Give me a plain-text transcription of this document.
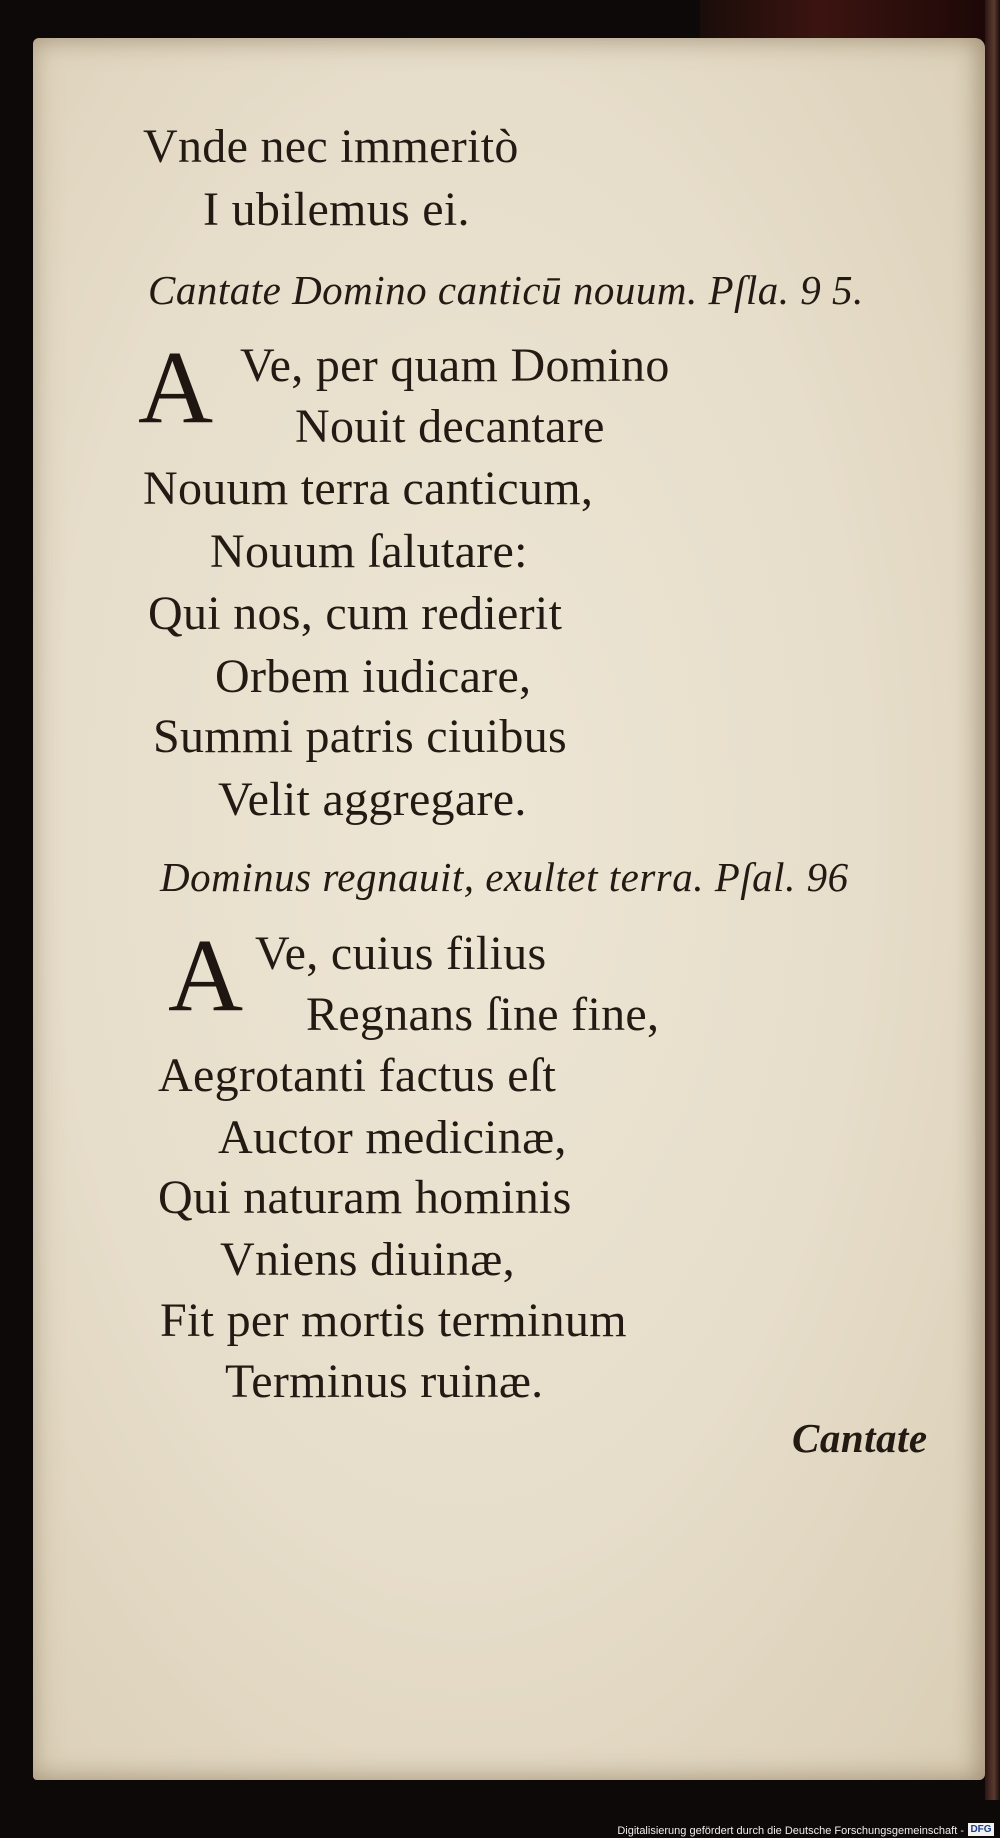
Vnde nec immeritò
I ubilemus ei.
Cantate Domino canticū nouum. Pſla. 9 5.
A Ve, per quam Domino
Nouit decantare
Nouum terra canticum,
Nouum ſalutare:
Qui nos, cum redierit
Orbem iudicare,
Summi patris ciuibus
Velit aggregare.
Dominus regnauit, exultet terra. Pſal. 96
A Ve, cuius filius
Regnans ſine fine,
Aegrotanti factus eſt
Auctor medicinæ,
Qui naturam hominis
Vniens diuinæ,
Fit per mortis terminum
Terminus ruinæ.
Cantate
Digitalisierung gefördert durch die Deutsche Forschungsgemeinschaft - DFG
